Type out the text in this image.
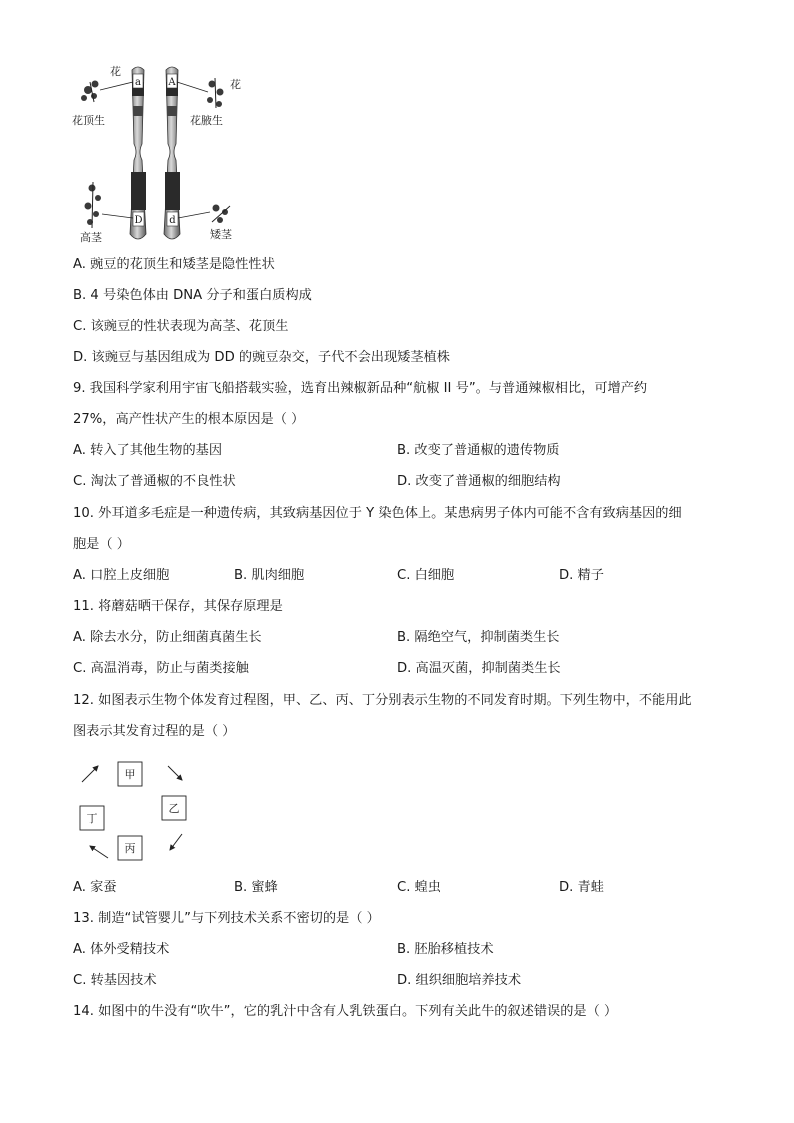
a	A
D	d
花
花
花顶生	花腋生
高茎	矮茎
A. 豌豆的花顶生和矮茎是隐性性状
B. 4 号染色体由 DNA 分子和蛋白质构成
C. 该豌豆的性状表现为高茎、花顶生
D. 该豌豆与基因组成为 DD 的豌豆杂交，子代不会出现矮茎植株
9. 我国科学家利用宇宙飞船搭载实验，选育出辣椒新品种“航椒 II 号”。与普通辣椒相比，可增产约
27%，高产性状产生的根本原因是（ ）
A. 转入了其他生物的基因	B. 改变了普通椒的遗传物质
C. 淘汰了普通椒的不良性状	D. 改变了普通椒的细胞结构
10. 外耳道多毛症是一种遗传病，其致病基因位于 Y 染色体上。某患病男子体内可能不含有致病基因的细
胞是（ ）
A. 口腔上皮细胞	B. 肌肉细胞	C. 白细胞	D. 精子
11. 将蘑菇晒干保存，其保存原理是
A. 除去水分，防止细菌真菌生长	B. 隔绝空气，抑制菌类生长
C. 高温消毒，防止与菌类接触	D. 高温灭菌，抑制菌类生长
12. 如图表示生物个体发育过程图，甲、乙、丙、丁分别表示生物的不同发育时期。下列生物中，不能用此
图表示其发育过程的是（ ）
甲
乙
丙
丁
A. 家蚕	B. 蜜蜂	C. 蝗虫	D. 青蛙
13. 制造“试管婴儿”与下列技术关系不密切的是（ ）
A. 体外受精技术	B. 胚胎移植技术
C. 转基因技术	D. 组织细胞培养技术
14. 如图中的牛没有“吹牛”，它的乳汁中含有人乳铁蛋白。下列有关此牛的叙述错误的是（ ）
